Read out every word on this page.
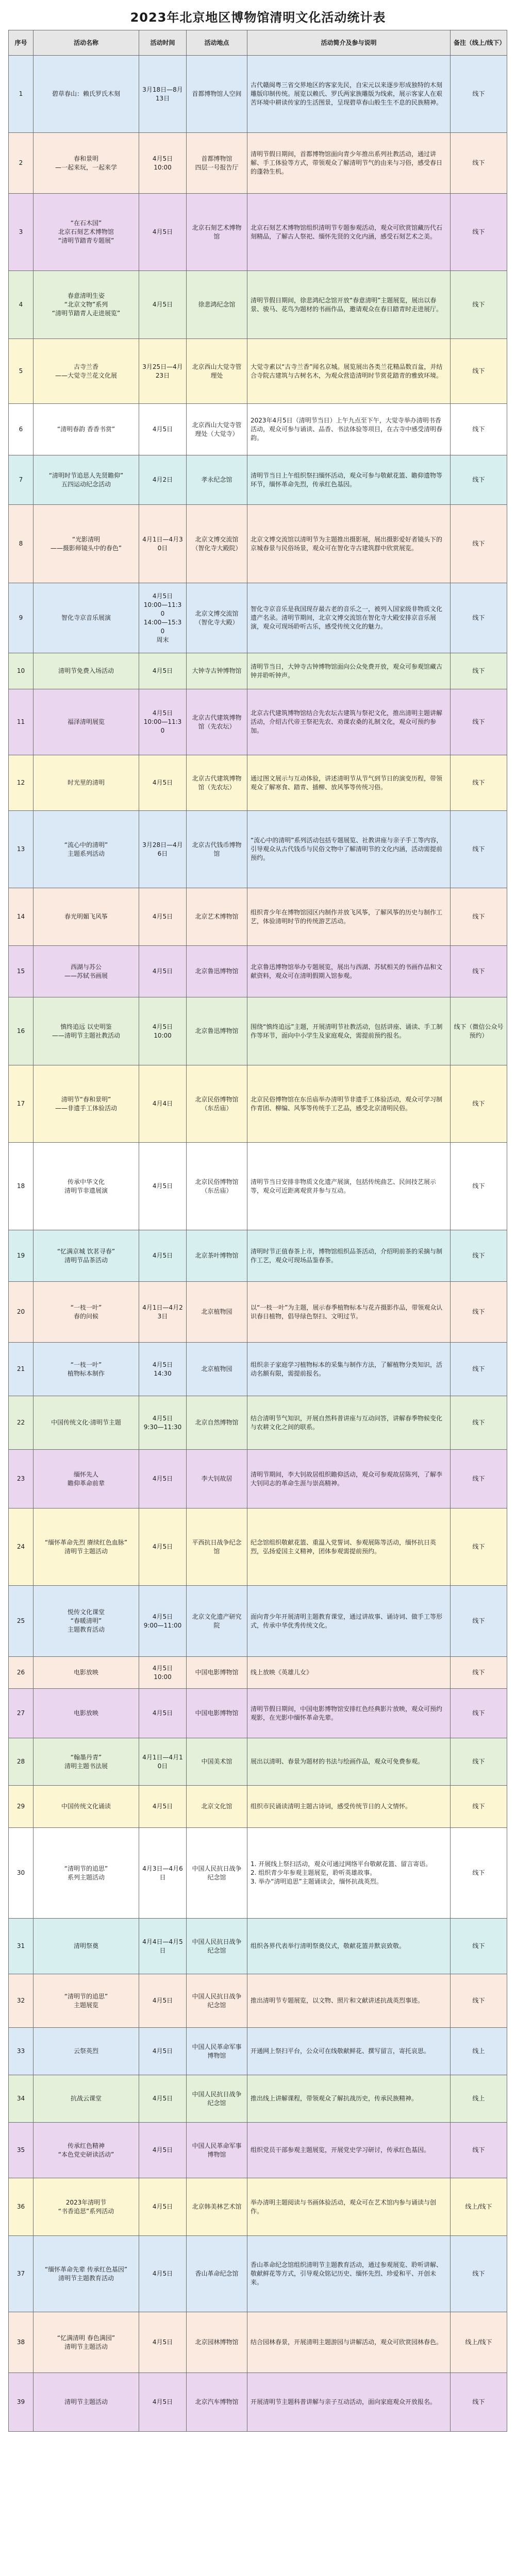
2023年北京地区博物馆清明文化活动统计表
序号	活动名称	活动时间	活动地点	活动简介及参与说明	备注（线上/线下）
1	碧草春山：赖氏罗氏木刻	3月18日—8月13日	首都博物馆人空间	古代赣闽粤三省交界地区的客家先民，自宋元以来逐步形成独特的木刻雕版印制传统。展览以赖氏、罗氏两家族雕版为线索，展示客家人在艰苦环境中耕读传家的生活图景，呈现碧草春山般生生不息的民族精神。	线下
2	春和景明
—一起来玩，一起来学	4月5日
10:00	首都博物馆
四层一号报告厅	清明节假日期间，首都博物馆面向青少年推出系列社教活动，通过讲解、手工体验等方式，带领观众了解清明节气的由来与习俗，感受春日的蓬勃生机。	线下
3	“在石木国”
北京石刻艺术博物馆
“清明节踏青专题展”	4月5日	北京石刻艺术博物馆	北京石刻艺术博物馆组织清明节专题参观活动，观众可欣赏馆藏历代石刻精品，了解古人祭祀、缅怀先贤的文化内涵，感受石刻艺术之美。	线下
4	春意清明生姿
“北京文物”系列
“清明节踏青人走进展览”	4月5日	徐悲鸿纪念馆	清明节假日期间，徐悲鸿纪念馆开放“春意清明”主题展览，展出以春景、骏马、花鸟为题材的书画作品，邀请观众在春日踏青时走进展厅。	线下
5	古寺兰香
——大觉寺兰花文化展	3月25日—4月23日	北京西山大觉寺管理处	大觉寺素以“古寺兰香”闻名京城。展览展出各类兰花精品数百盆，并结合寺院古建筑与古树名木，为观众营造清明时节赏花踏青的雅致环境。	线下
6	“清明春韵 香香书赏”	4月5日	北京西山大觉寺管理处（大觉寺）	2023年4月5日（清明节当日）上午九点至下午，大觉寺举办清明书香活动，观众可参与诵读、品香、书法体验等项目，在古寺中感受清明春韵。	线下
7	“清明时节追思人先贤瞻仰”
五四运动纪念活动	4月2日	孝永纪念馆	清明节当日上午组织祭扫缅怀活动，观众可参与敬献花篮、瞻仰遗物等环节，缅怀革命先烈，传承红色基因。	线下
8	“光影清明
——摄影师镜头中的春色”	4月1日—4月30日	北京文博交流馆（智化寺大殿院）	北京文博交流馆以清明节为主题推出摄影展，展出摄影爱好者镜头下的京城春景与民俗场景，观众可在智化寺古建筑群中欣赏展览。	线下
9	智化寺京音乐展演	4月5日
10:00—11:30
14:00—15:30
周末	北京文博交流馆
（智化寺大殿）	智化寺京音乐是我国现存最古老的音乐之一，被列入国家级非物质文化遗产名录。清明节期间，北京文博交流馆在智化寺大殿安排京音乐展演，观众可现场聆听古乐，感受传统文化的魅力。	线下
10	清明节免费入场活动	4月5日	大钟寺古钟博物馆	清明节当日，大钟寺古钟博物馆面向公众免费开放，观众可参观馆藏古钟并聆听钟声。	线下
11	福泽清明展览	4月5日
10:00—11:30	北京古代建筑博物馆（先农坛）	北京古代建筑博物馆结合先农坛古建筑与祭祀文化，推出清明主题讲解活动，介绍古代帝王祭祀先农、劝课农桑的礼制文化，观众可预约参加。	线下
12	时光里的清明	4月5日	北京古代建筑博物馆（先农坛）	通过图文展示与互动体验，讲述清明节从节气到节日的演变历程，带领观众了解寒食、踏青、插柳、放风筝等传统习俗。	线下
13	“流心中的清明”
主题系列活动	3月28日—4月6日	北京古代钱币博物馆	“流心中的清明”系列活动包括专题展览、社教讲座与亲子手工等内容，引导观众从古代钱币与民俗文物中了解清明节的文化内涵，活动需提前预约。	线下
14	春光明媚飞风筝	4月5日	北京艺术博物馆	组织青少年在博物馆园区内制作并放飞风筝，了解风筝的历史与制作工艺，体验清明时节的传统游艺活动。	线下
15	西湖与苏公
——苏轼书画展	4月5日	北京鲁迅博物馆	北京鲁迅博物馆举办专题展览，展出与西湖、苏轼相关的书画作品和文献资料，观众可在清明假期入馆参观。	线下
16	慎终追远 以史明鉴
——清明节主题社教活动	4月5日
10:00	北京鲁迅博物馆	围绕“慎终追远”主题，开展清明节社教活动，包括讲座、诵读、手工制作等环节，面向中小学生及家庭观众，需提前预约报名。	线下（微信公众号预约）
17	清明节“春和景明”
——非遗手工体验活动	4月4日	北京民俗博物馆（东岳庙）	北京民俗博物馆在东岳庙举办清明节非遗手工体验活动，观众可学习制作青团、柳编、风筝等传统手工艺品，感受北京清明民俗。	线下
18	传承中华文化
清明节非遗展演	4月5日	北京民俗博物馆（东岳庙）	清明节当日安排非物质文化遗产展演，包括传统曲艺、民间技艺展示等，观众可近距离观赏并参与互动。	线下
19	“忆满京城 饮茗寻春”
清明节品茶活动	4月5日	北京茶叶博物馆	清明时节正值春茶上市，博物馆组织品茶活动，介绍明前茶的采摘与制作工艺，观众可现场品鉴春茶。	线下
20	“一枝一叶”
春的问候	4月1日—4月23日	北京植物园	以“一枝一叶”为主题，展示春季植物标本与花卉摄影作品，带领观众认识春日植物，倡导绿色祭扫、文明过节。	线下
21	“一枝一叶”
植物标本制作	4月5日
14:30	北京植物园	组织亲子家庭学习植物标本的采集与制作方法，了解植物分类知识，活动名额有限，需提前报名。	线下
22	中国传统文化·清明节主题	4月5日
9:30—11:30	北京自然博物馆	结合清明节气知识，开展自然科普讲座与互动问答，讲解春季物候变化与农耕文化之间的联系。	线下
23	缅怀先人
瞻仰革命前辈	4月5日	李大钊故居	清明节期间，李大钊故居组织瞻仰活动，观众可参观故居陈列，了解李大钊同志的革命生涯与崇高精神。	线下
24	“缅怀革命先烈 赓续红色血脉”
清明节主题活动	4月5日	平西抗日战争纪念馆	纪念馆组织敬献花篮、重温入党誓词、参观展陈等活动，缅怀抗日英烈，弘扬爱国主义精神，团体参观需提前预约。	线下
25	悦传文化课堂
“春暖清明”
主题教育活动	4月5日
9:00—11:00	北京文化遗产研究院	面向青少年开展清明主题教育课堂，通过讲故事、诵诗词、做手工等形式，传承中华优秀传统文化。	线下
26	电影放映	4月5日
10:00	中国电影博物馆	线上放映《英雄儿女》	线下
27	电影放映	4月5日	中国电影博物馆	清明节假日期间，中国电影博物馆安排红色经典影片放映，观众可预约观影，在光影中缅怀革命先辈。	线下
28	“翰墨丹青”
清明主题书法展	4月1日—4月10日	中国美术馆	展出以清明、春景为题材的书法与绘画作品，观众可免费参观。	线下
29	中国传统文化诵读	4月5日	北京文化馆	组织市民诵读清明主题古诗词，感受传统节日的人文情怀。	线下
30	“清明节的追思”
系列主题活动	4月3日—4月6日	中国人民抗日战争纪念馆	1. 开展线上祭扫活动，观众可通过网络平台敬献花篮、留言寄语。
2. 组织青少年参观主题展览，聆听英雄故事。
3. 举办“清明追思”主题诵读会，缅怀抗战英烈。	线下
31	清明祭奠	4月4日—4月5日	中国人民抗日战争纪念馆	组织各界代表举行清明祭奠仪式，敬献花篮并默哀致敬。	线下
32	“清明节的追思”
主题展览	4月5日	中国人民抗日战争纪念馆	推出清明节专题展览，以文物、照片和文献讲述抗战英烈事迹。	线下
33	云祭英烈	4月5日	中国人民革命军事博物馆	开通网上祭扫平台，公众可在线敬献鲜花、撰写留言，寄托哀思。	线上
34	抗战云课堂	4月5日	中国人民抗日战争纪念馆	推出线上讲解课程，带领观众了解抗战历史，传承民族精神。	线上
35	传承红色精神
“本色党史研读活动”	4月5日	中国人民革命军事博物馆	组织党员干部参观主题展览，开展党史学习研讨，传承红色基因。	线下
36	2023年清明节
“书香追思”系列活动	4月5日	北京韩美林艺术馆	举办清明主题阅读与书画体验活动，观众可在艺术馆内参与诵读与创作。	线上/线下
37	“缅怀革命先辈 传承红色基因”
清明节主题教育活动	4月5日	香山革命纪念馆	香山革命纪念馆组织清明节主题教育活动，通过参观展览、聆听讲解、敬献鲜花等方式，引导观众铭记历史、缅怀先烈、珍爱和平、开创未来。	线下
38	“忆满清明 春色满园”
清明节主题活动	4月5日	北京园林博物馆	结合园林春景，开展清明主题游园与讲解活动，观众可欣赏园林春色。	线上/线下
39	清明节主题活动	4月5日	北京汽车博物馆	开展清明节主题科普讲解与亲子互动活动，面向家庭观众开放报名。	线下
